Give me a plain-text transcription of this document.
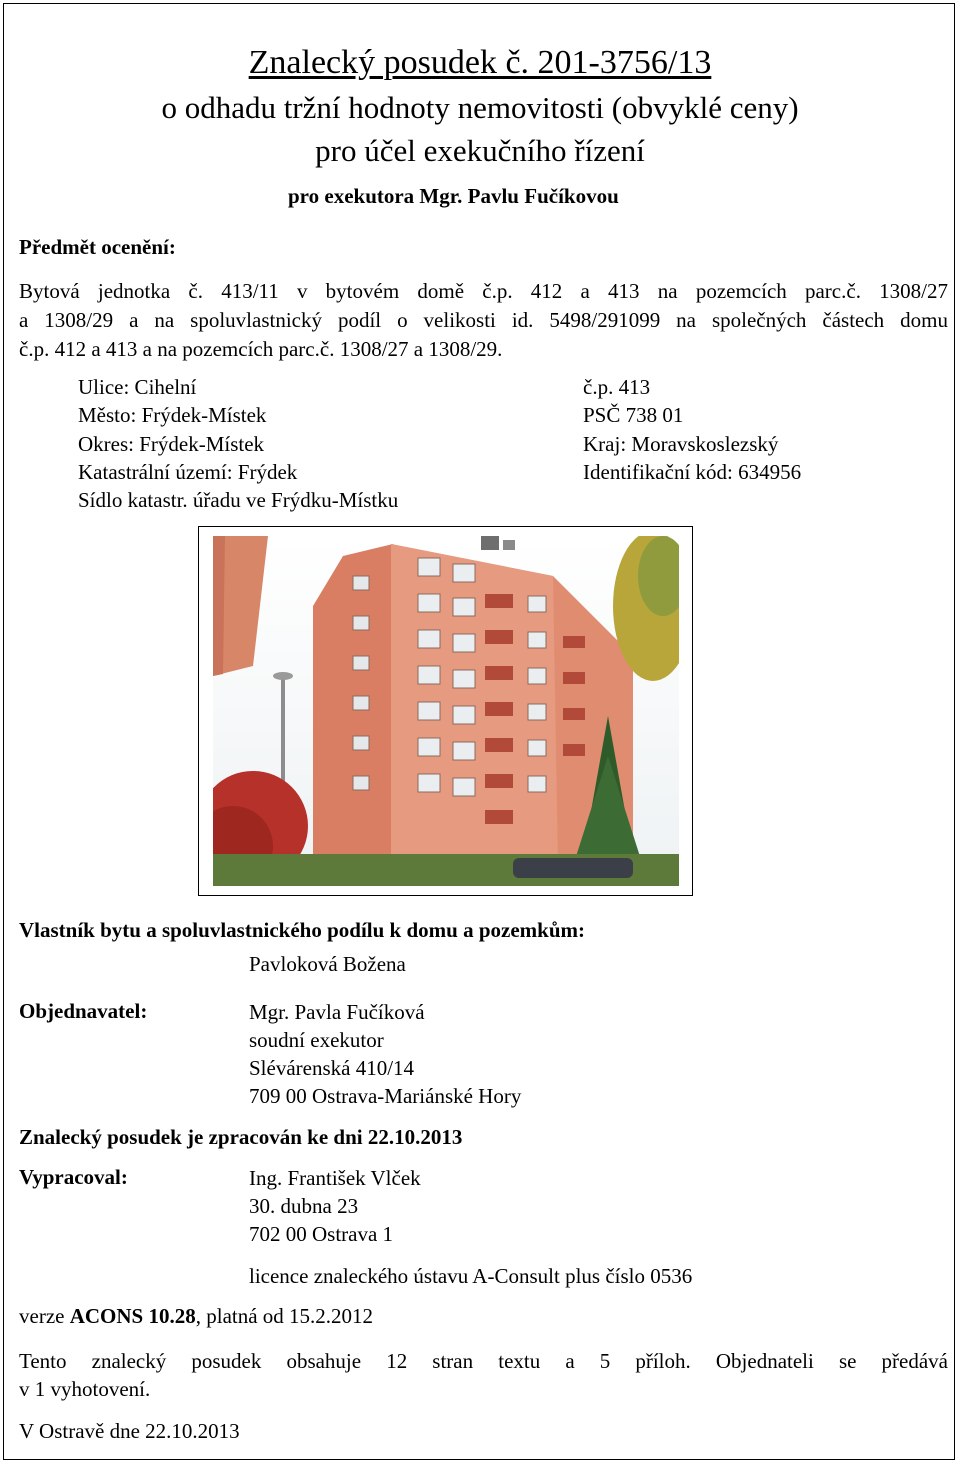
Znalecký posudek č. 201-3756/13
o odhadu tržní hodnoty nemovitosti (obvyklé ceny)
pro účel exekučního řízení
pro exekutora Mgr. Pavlu Fučíkovou
Předmět ocenění:
Bytová jednotka č. 413/11 v bytovém domě č.p. 412 a 413 na pozemcích parc.č. 1308/27
a 1308/29 a na spoluvlastnický podíl o velikosti id. 5498/291099 na společných částech domu
č.p. 412 a 413 a na pozemcích parc.č. 1308/27 a 1308/29.
Ulice: Cihelní	č.p. 413
Město: Frýdek-Místek	PSČ 738 01
Okres: Frýdek-Místek	Kraj: Moravskoslezský
Katastrální území: Frýdek	Identifikační kód: 634956
Sídlo katastr. úřadu ve Frýdku-Místku
Vlastník bytu a spoluvlastnického podílu k domu a pozemkům:
Pavloková Božena
Objednavatel:	Mgr. Pavla Fučíková
soudní exekutor
Slévárenská 410/14
709 00 Ostrava-Mariánské Hory
Znalecký posudek je zpracován ke dni 22.10.2013
Vypracoval:	Ing. František Vlček
30. dubna 23
702 00 Ostrava 1
licence znaleckého ústavu A-Consult plus číslo 0536
verze ACONS 10.28, platná od 15.2.2012
Tento znalecký posudek obsahuje 12 stran textu a 5 příloh. Objednateli se předává
v 1 vyhotovení.
V Ostravě dne 22.10.2013
